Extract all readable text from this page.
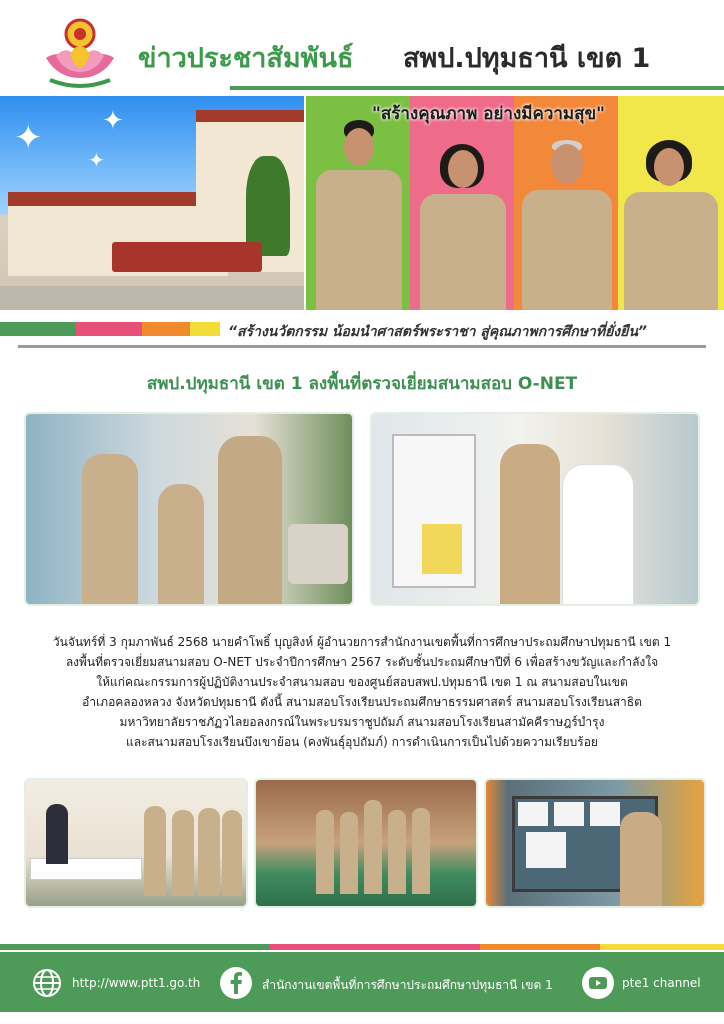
ข่าวประชาสัมพันธ์ สพป.ปทุมธานี เขต 1
✦ ✦
✦
"สร้างคุณภาพ อย่างมีความสุข"
“สร้างนวัตกรรม น้อมนำศาสตร์พระราชา สู่คุณภาพการศึกษาที่ยั่งยืน”
สพป.ปทุมธานี เขต 1 ลงพื้นที่ตรวจเยี่ยมสนามสอบ O-NET
วันจันทร์ที่ 3 กุมภาพันธ์ 2568 นายคำโพธิ์ บุญสิงห์ ผู้อำนวยการสำนักงานเขตพื้นที่การศึกษาประถมศึกษาปทุมธานี เขต 1
ลงพื้นที่ตรวจเยี่ยมสนามสอบ O-NET ประจำปีการศึกษา 2567 ระดับชั้นประถมศึกษาปีที่ 6 เพื่อสร้างขวัญและกำลังใจ
ให้แก่คณะกรรมการผู้ปฏิบัติงานประจำสนามสอบ ของศูนย์สอบสพป.ปทุมธานี เขต 1 ณ สนามสอบในเขต
อำเภอคลองหลวง จังหวัดปทุมธานี ดังนี้ สนามสอบโรงเรียนประถมศึกษาธรรมศาสตร์ สนามสอบโรงเรียนสาธิต
มหาวิทยาลัยราชภัฏวไลยอลงกรณ์ในพระบรมราชูปถัมภ์ สนามสอบโรงเรียนสามัคคีราษฎร์บำรุง
และสนามสอบโรงเรียนบึงเขาย้อน (คงพันธุ์อุปถัมภ์) การดำเนินการเป็นไปด้วยความเรียบร้อย
http://www.ptt1.go.th	สำนักงานเขตพื้นที่การศึกษาประถมศึกษาปทุมธานี เขต 1	pte1 channel
